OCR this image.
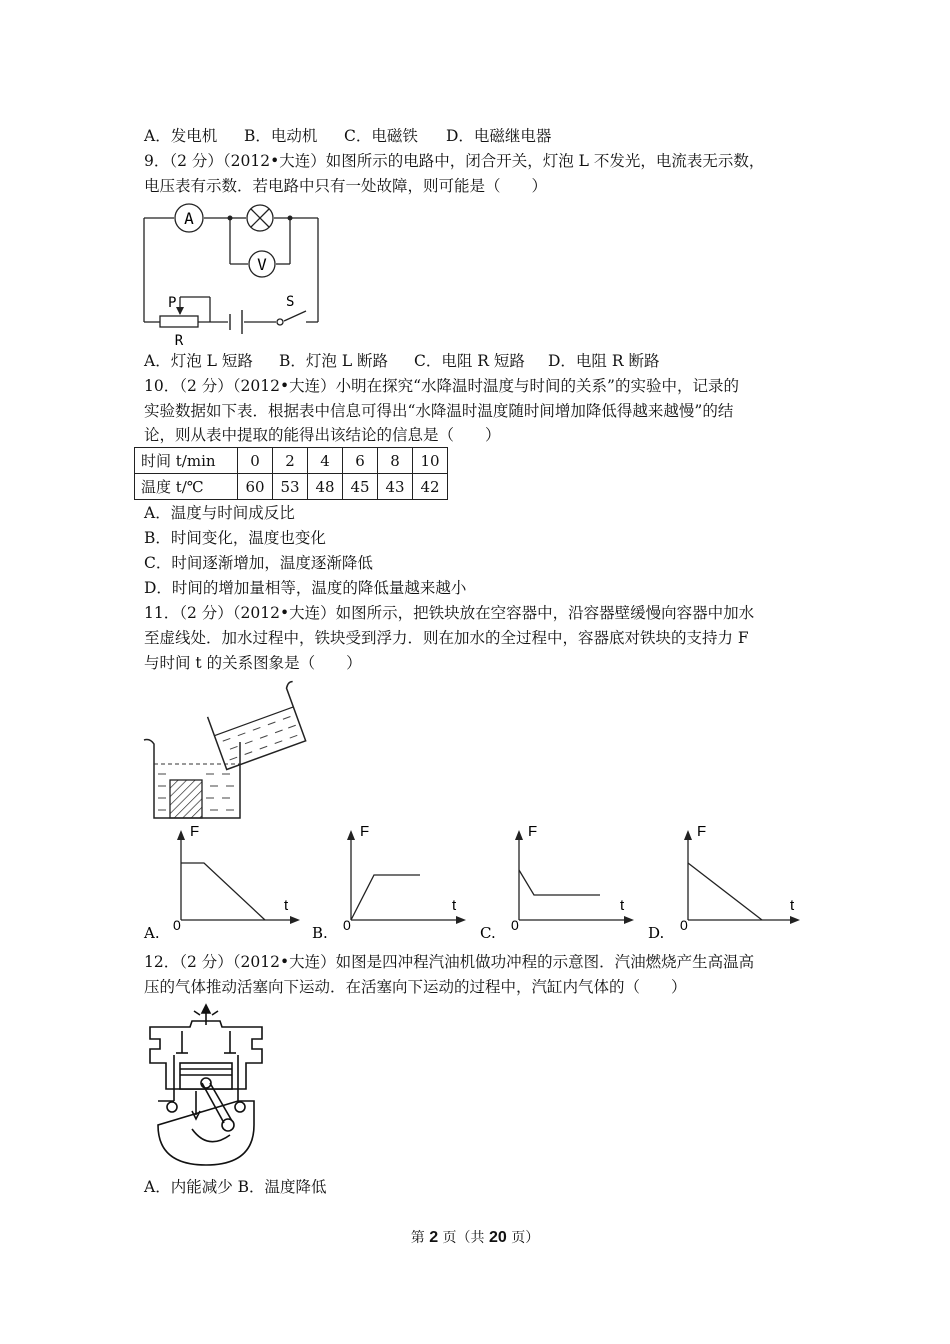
A．发电机 B．电动机 C．电磁铁 D．电磁继电器
9．（2 分）（2012•大连）如图所示的电路中，闭合开关，灯泡 L 不发光，电流表无示数，
电压表有示数．若电路中只有一处故障，则可能是（　　）
A
V
P
R
S
A．灯泡 L 短路 B．灯泡 L 断路 C．电阻 R 短路 D．电阻 R 断路
10．（2 分）（2012•大连）小明在探究“水降温时温度与时间的关系”的实验中，记录的
实验数据如下表．根据表中信息可得出“水降温时温度随时间增加降低得越来越慢”的结
论，则从表中提取的能得出该结论的信息是（　　）
时间 t/min	0	2	4	6	8	10
温度 t/℃	60	53	48	45	43	42
A．温度与时间成反比
B．时间变化，温度也变化
C．时间逐渐增加，温度逐渐降低
D．时间的增加量相等，温度的降低量越来越小
11．（2 分）（2012•大连）如图所示，把铁块放在空容器中，沿容器壁缓慢向容器中加水
至虚线处．加水过程中，铁块受到浮力．则在加水的全过程中，容器底对铁块的支持力 F
与时间 t 的关系图象是（　　）
A.
F
t
0	B.
F
t
0	C.
F
t
0	D.
F
t
0
12．（2 分）（2012•大连）如图是四冲程汽油机做功冲程的示意图．汽油燃烧产生高温高
压的气体推动活塞向下运动．在活塞向下运动的过程中，汽缸内气体的（　　）
A．内能减少 B．温度降低
第 2 页（共 20 页）
